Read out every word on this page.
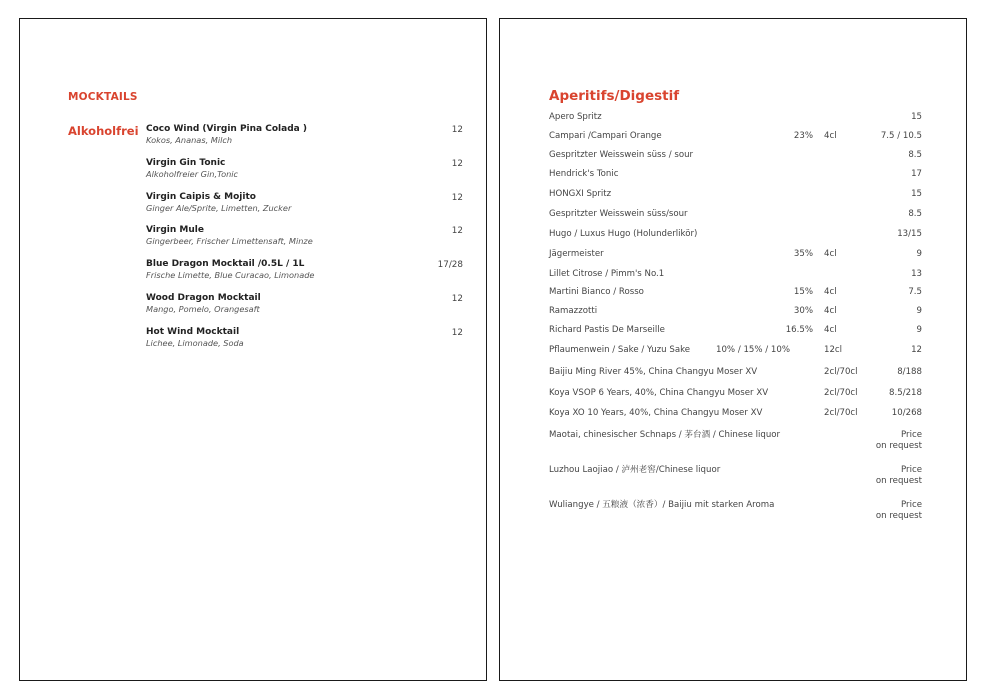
MOCKTAILS
Alkoholfrei Coco Wind (Virgin Pina Colada )
Kokos, Ananas, Milch
12
Virgin Gin Tonic
Alkoholfreier Gin,Tonic
12
Virgin Caipis & Mojito
Ginger Ale/Sprite, Limetten, Zucker
12
Virgin Mule
Gingerbeer, Frischer Limettensaft, Minze
12
Blue Dragon Mocktail /0.5L / 1L
Frische Limette, Blue Curacao, Limonade
17/28
Wood Dragon Mocktail
Mango, Pomelo, Orangesaft
12
Hot Wind Mocktail
Lichee, Limonade, Soda
12
Aperitifs/Digestif
Apero Spritz	15
Campari /Campari Orange	23% 4cl	7.5 / 10.5
Gespritzter Weisswein süss / sour	8.5
Hendrick's Tonic	17
HONGXI Spritz	15
Gespritzter Weisswein süss/sour	8.5
Hugo / Luxus Hugo (Holunderlikör)	13/15
Jägermeister	35% 4cl	9
Lillet Citrose / Pimm's No.1	13
Martini Bianco / Rosso	15% 4cl	7.5
Ramazzotti	30% 4cl	9
Richard Pastis De Marseille	16.5% 4cl	9
Pflaumenwein / Sake / Yuzu Sake	10% / 15% / 10%	12cl	12
Baijiu Ming River 45%, China Changyu Moser XV	2cl/70cl	8/188
Koya VSOP 6 Years, 40%, China Changyu Moser XV	2cl/70cl	8.5/218
Koya XO 10 Years, 40%, China Changyu Moser XV	2cl/70cl	10/268
Maotai, chinesischer Schnaps / 茅台酒 / Chinese liquor	Price
on request
Luzhou Laojiao / 泸州老窖/Chinese liquor	Price
on request
Wuliangye / 五粮液（浓香）/ Baijiu mit starken Aroma	Price
on request
